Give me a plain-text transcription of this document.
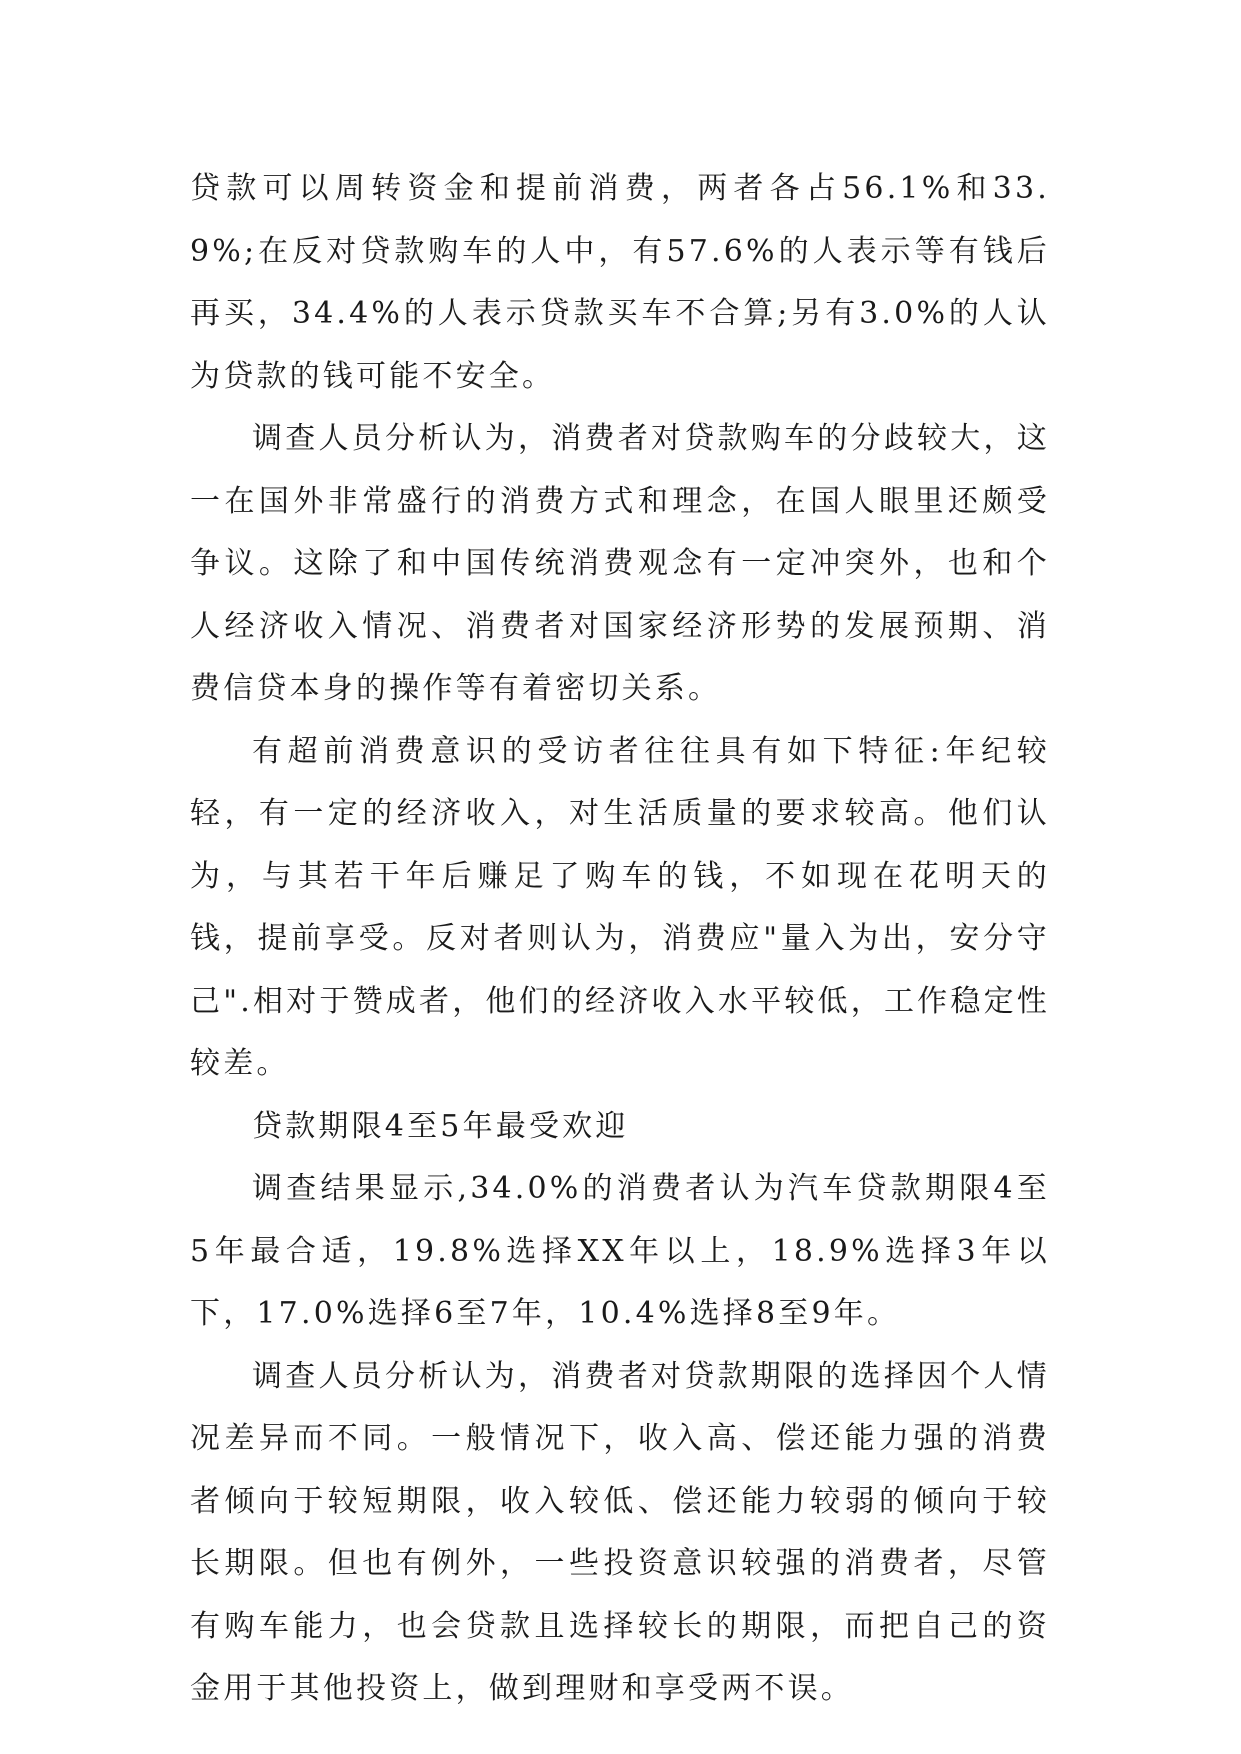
贷款可以周转资金和提前消费，两者各占56.1%和33.9%;在反对贷款购车的人中，有57.6%的人表示等有钱后再买，34.4%的人表示贷款买车不合算;另有3.0%的人认为贷款的钱可能不安全。

调查人员分析认为，消费者对贷款购车的分歧较大，这一在国外非常盛行的消费方式和理念，在国人眼里还颇受争议。这除了和中国传统消费观念有一定冲突外，也和个人经济收入情况、消费者对国家经济形势的发展预期、消费信贷本身的操作等有着密切关系。

有超前消费意识的受访者往往具有如下特征:年纪较轻，有一定的经济收入，对生活质量的要求较高。他们认为，与其若干年后赚足了购车的钱，不如现在花明天的钱，提前享受。反对者则认为，消费应"量入为出，安分守己".相对于赞成者，他们的经济收入水平较低，工作稳定性较差。

贷款期限4至5年最受欢迎

调查结果显示,34.0%的消费者认为汽车贷款期限4至5年最合适，19.8%选择XX年以上，18.9%选择3年以下，17.0%选择6至7年，10.4%选择8至9年。

调查人员分析认为，消费者对贷款期限的选择因个人情况差异而不同。一般情况下，收入高、偿还能力强的消费者倾向于较短期限，收入较低、偿还能力较弱的倾向于较长期限。但也有例外，一些投资意识较强的消费者，尽管有购车能力，也会贷款且选择较长的期限，而把自己的资金用于其他投资上，做到理财和享受两不误。
